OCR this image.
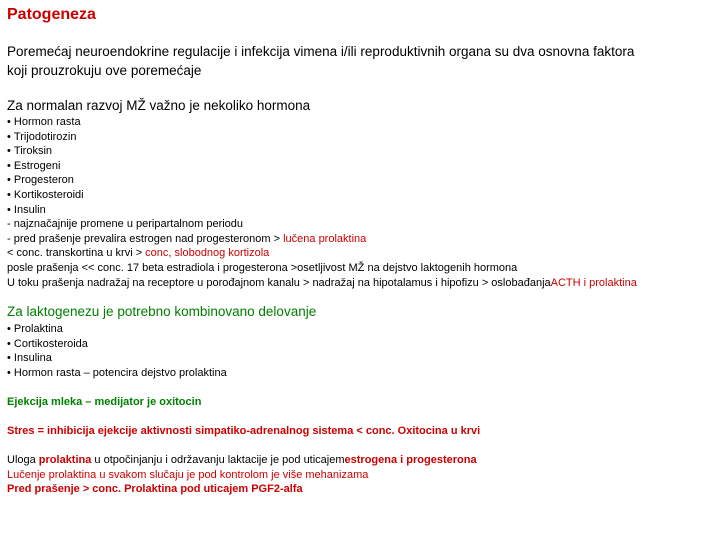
Patogeneza
Poremećaj neuroendokrine regulacije i infekcija vimena i/ili reproduktivnih organa su dva osnovna faktora
koji prouzrokuju ove poremećaje
Za normalan razvoj MŽ važno je nekoliko hormona
• Hormon rasta
• Trijodotirozin
• Tiroksin
• Estrogeni
• Progesteron
• Kortikosteroidi
• Insulin
- najznačajnije promene u peripartalnom periodu
- pred prašenje prevalira estrogen nad progesteronom > lučena prolaktina
< conc. transkortina u krvi > conc, slobodnog kortizola
posle prašenja << conc. 17 beta estradiola i progesterona >osetljivost MŽ na dejstvo laktogenih hormona
U toku prašenja nadražaj na receptore u porođajnom kanalu > nadražaj na hipotalamus i hipofizu > oslobađanjaACTH i prolaktina
Za laktogenezu je potrebno kombinovano delovanje
• Prolaktina
• Cortikosteroida
• Insulina
• Hormon rasta – potencira dejstvo prolaktina
Ejekcija mleka – medijator je oxitocin
Stres = inhibicija ejekcije aktivnosti simpatiko-adrenalnog sistema < conc. Oxitocina u krvi
Uloga prolaktina u otpočinjanju i održavanju laktacije je pod uticajemestrogena i progesterona
Lučenje prolaktina u svakom slučaju je pod kontrolom je više mehanizama
Pred prašenje > conc. Prolaktina pod uticajem PGF2-alfa
